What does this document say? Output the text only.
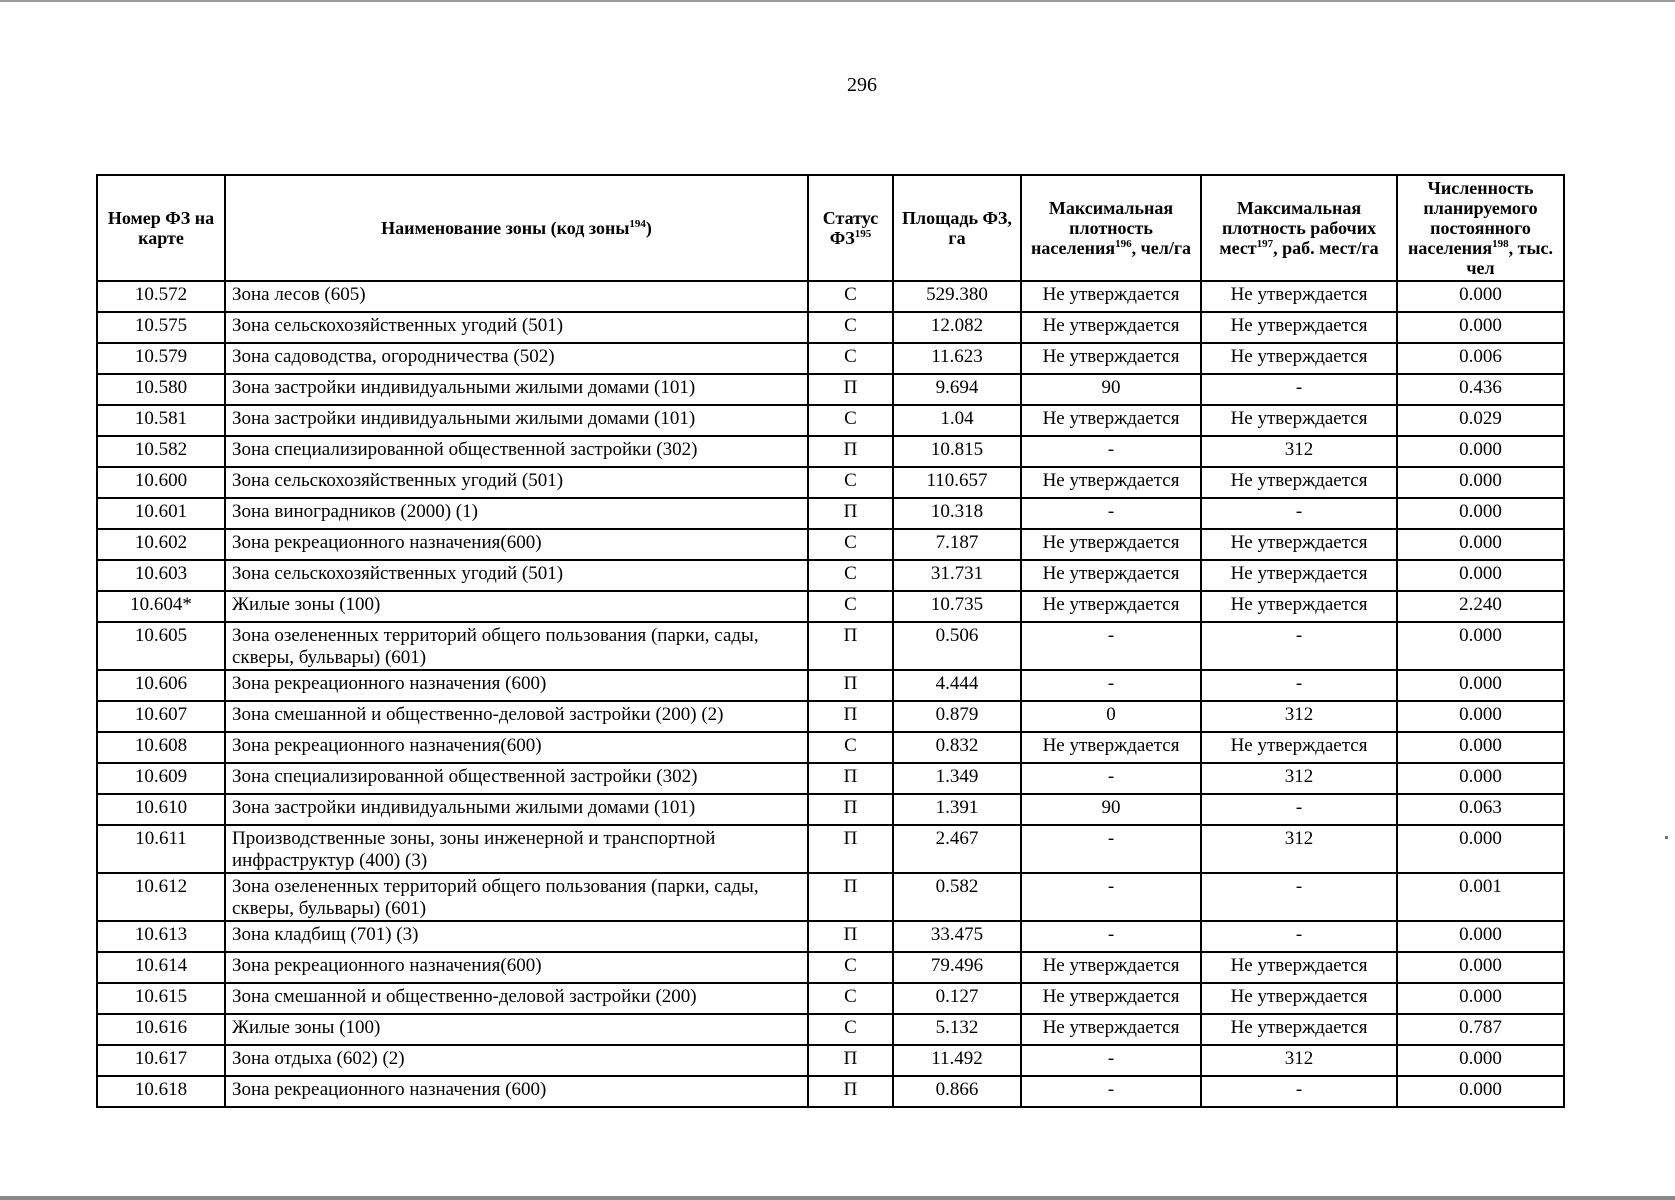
296
Номер ФЗ на карте	Наименование зоны (код зоны$^{194}$)	Статус ФЗ$^{195}$	Площадь ФЗ, га	Максимальная плотность населения$^{196}$, чел/га	Максимальная плотность рабочих мест$^{197}$, раб. мест/га	Численность планируемого постоянного населения$^{198}$, тыс. чел
10.572	Зона лесов (605)	С	529.380	Не утверждается	Не утверждается	0.000
10.575	Зона сельскохозяйственных угодий (501)	С	12.082	Не утверждается	Не утверждается	0.000
10.579	Зона садоводства, огородничества (502)	С	11.623	Не утверждается	Не утверждается	0.006
10.580	Зона застройки индивидуальными жилыми домами (101)	П	9.694	90	-	0.436
10.581	Зона застройки индивидуальными жилыми домами (101)	С	1.04	Не утверждается	Не утверждается	0.029
10.582	Зона специализированной общественной застройки (302)	П	10.815	-	312	0.000
10.600	Зона сельскохозяйственных угодий (501)	С	110.657	Не утверждается	Не утверждается	0.000
10.601	Зона виноградников (2000) (1)	П	10.318	-	-	0.000
10.602	Зона рекреационного назначения(600)	С	7.187	Не утверждается	Не утверждается	0.000
10.603	Зона сельскохозяйственных угодий (501)	С	31.731	Не утверждается	Не утверждается	0.000
10.604*	Жилые зоны (100)	С	10.735	Не утверждается	Не утверждается	2.240
10.605	Зона озелененных территорий общего пользования (парки, сады, скверы, бульвары) (601)	П	0.506	-	-	0.000
10.606	Зона рекреационного назначения (600)	П	4.444	-	-	0.000
10.607	Зона смешанной и общественно-деловой застройки (200) (2)	П	0.879	0	312	0.000
10.608	Зона рекреационного назначения(600)	С	0.832	Не утверждается	Не утверждается	0.000
10.609	Зона специализированной общественной застройки (302)	П	1.349	-	312	0.000
10.610	Зона застройки индивидуальными жилыми домами (101)	П	1.391	90	-	0.063
10.611	Производственные зоны, зоны инженерной и транспортной инфраструктур (400) (3)	П	2.467	-	312	0.000
10.612	Зона озелененных территорий общего пользования (парки, сады, скверы, бульвары) (601)	П	0.582	-	-	0.001
10.613	Зона кладбищ (701) (3)	П	33.475	-	-	0.000
10.614	Зона рекреационного назначения(600)	С	79.496	Не утверждается	Не утверждается	0.000
10.615	Зона смешанной и общественно-деловой застройки (200)	С	0.127	Не утверждается	Не утверждается	0.000
10.616	Жилые зоны (100)	С	5.132	Не утверждается	Не утверждается	0.787
10.617	Зона отдыха (602) (2)	П	11.492	-	312	0.000
10.618	Зона рекреационного назначения (600)	П	0.866	-	-	0.000
